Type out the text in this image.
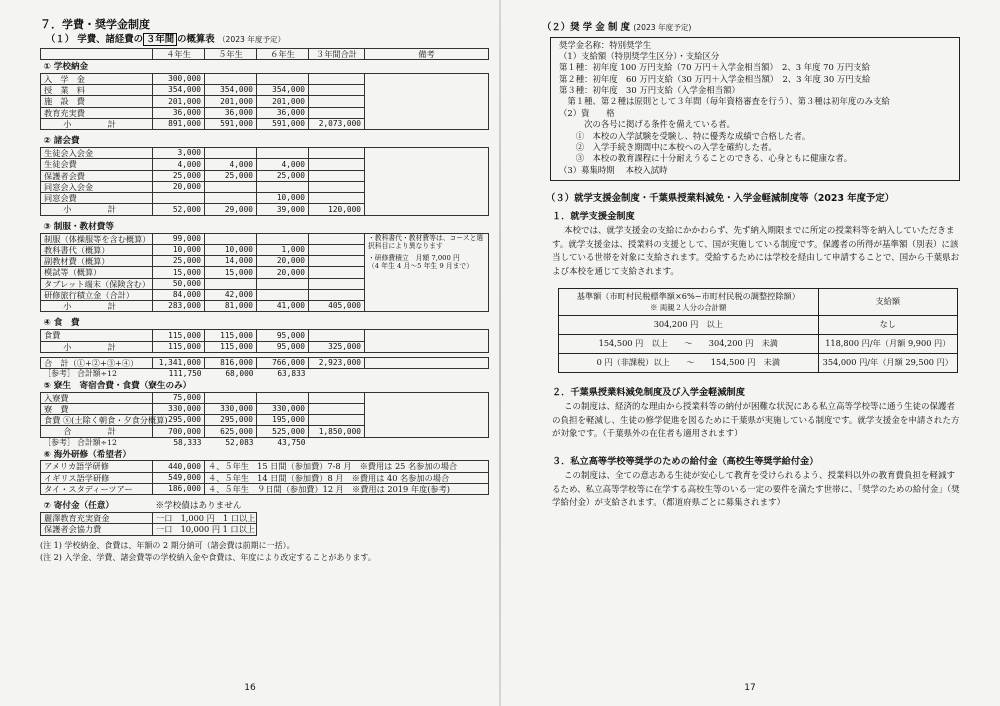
７．学費・奨学金制度
（１） 学費、諸経費の ３年間 の概算表 （2023 年度予定）
	４年生	５年生	６年生	３年間合計	備考
① 学校納金					
入　学　金	300,000				
授　業　料	354,000	354,000	354,000		
施　設　費	201,000	201,000	201,000		
教育充実費	36,000	36,000	36,000		
小　計	891,000	591,000	591,000	2,073,000	

② 諸会費					
生徒会入会金	3,000				
生徒会費	4,000	4,000	4,000		
保護者会費	25,000	25,000	25,000		
同窓会入会金	20,000				
同窓会費			10,000		
小　計	52,000	29,000	39,000	120,000	

③ 制服・教材費等					
制服（体操服等を含む概算）	99,000				・教科書代・教材費等は、コースと選択科目により異なります
・研修費積立　月額 7,000 円
（4 年生 4 月～5 年生 9 月まで）

教科書代（概算）	10,000	10,000	1,000		
副教材費（概算）	25,000	14,000	20,000		
模試等（概算）	15,000	15,000	20,000		
タブレット端末（保険含む）	50,000				
研修旅行積立金（合計）	84,000	42,000			
小　計	283,000	81,000	41,000	405,000	

④ 食　費					
食費	115,000	115,000	95,000		
小　計	115,000	115,000	95,000	325,000	

合　計（①+②+③+④）	1,341,000	816,000	766,000	2,923,000	
［参考］ 合計額÷12	111,750	68,000	63,833		
⑤ 寮生　寄宿舎費・食費（寮生のみ）					
入寮費	75,000				
寮　費	330,000	330,000	330,000		
食費 ⓢ(土除く朝食・夕食分概算)	295,000	295,000	195,000		
合　計	700,000	625,000	525,000	1,850,000	
［参考］ 合計額÷12	58,333	52,083	43,750		
⑥ 海外研修（希望者）					
アメリカ語学研修	440,000	４、５年生　15 日間（参加費）7-8 月　※費用は 25 名参加の場合			
イギリス語学研修	549,000	４、５年生　14 日間（参加費）8 月　※費用は 40 名参加の場合			
タイ・スタディーツアー	186,000	４、５年生　９日間（参加費）12 月　※費用は 2019 年度(参考)			

⑦ 寄付金（任意）	※学校債はありません				
麗澤教育充実資金	一口　1,000 円　1 口以上				
保護者会協力費	一口　10,000 円 1 口以上				
(注 1) 学校納金、食費は、年額の 2 期分納可（諸会費は前期に一括）。
(注 2) 入学金、学費、諸会費等の学校納入金や食費は、年度により改定することがあります。
16
（２）奨 学 金 制 度 (2023 年度予定)
奨学金名称：特別奨学生
（1）支給額（特別奨学生区分）・支給区分
第１種：初年度 100 万円支給（70 万円＋入学金相当額）　2、3 年度 70 万円支給
第２種：初年度　60 万円支給（30 万円＋入学金相当額）　2、3 年度 30 万円支給
第３種：初年度　30 万円支給（入学金相当額）
　第１種、第２種は原則として３年間（毎年資格審査を行う）、第３種は初年度のみ支給
（2）資　　格
　　　次の各号に掲げる条件を備えている者。
　　①　本校の入学試験を受験し、特に優秀な成績で合格した者。
　　②　入学手続き期間中に本校への入学を確約した者。
　　③　本校の教育課程に十分耐えうることのできる、心身ともに健康な者。
（3）募集時期　 本校入試時
（３）就学支援金制度・千葉県授業料減免・入学金軽減制度等（2023 年度予定）
１．就学支援金制度

本校では、就学支援金の支給にかかわらず、先ず納入期限までに所定の授業料等を納入していただきます。就学支援金は、授業料の支援として、国が実施している制度です。保護者の所得が基準額（別表）に該当している世帯を対象に支給されます。受給するためには学校を経由して申請することで、国から千葉県および本校を通じて支給されます。

基準額（市町村民税標準額×6%−市町村民税の調整控除額）
※ 両親２人分の合計額	支給額
304,200 円　以上	なし
154,500 円　以上　　～　　304,200 円　未満	118,800 円/年（月額 9,900 円）
0 円（非課税）以上　　～　　154,500 円　未満	354,000 円/年（月額 29,500 円）
２．千葉県授業料減免制度及び入学金軽減制度

この制度は、経済的な理由から授業料等の納付が困難な状況にある私立高等学校等に通う生徒の保護者の負担を軽減し、生徒の修学促進を図るために千葉県が実施している制度です。就学支援金を申請された方が対象です。（千葉県外の在住者も適用されます）

３．私立高等学校等奨学のための給付金（高校生等奨学給付金）

この制度は、全ての意志ある生徒が安心して教育を受けられるよう、授業料以外の教育費負担を軽減するため、私立高等学校等に在学する高校生等のいる一定の要件を満たす世帯に、「奨学のための給付金」（奨学給付金）が支給されます。（都道府県ごとに募集されます）

17
